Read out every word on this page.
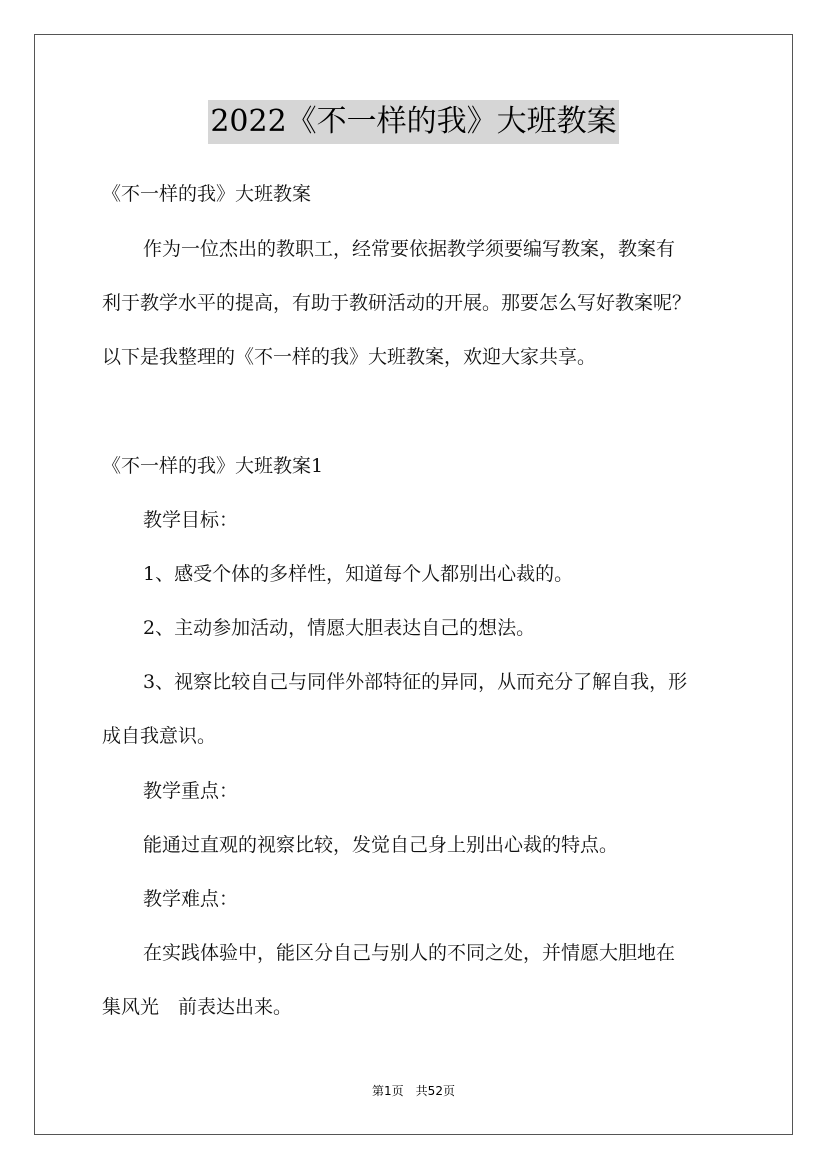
2022《不一样的我》大班教案
《不一样的我》大班教案
作为一位杰出的教职工，经常要依据教学须要编写教案，教案有
利于教学水平的提高，有助于教研活动的开展。那要怎么写好教案呢？
以下是我整理的《不一样的我》大班教案，欢迎大家共享。
《不一样的我》大班教案1
教学目标：
1、感受个体的多样性，知道每个人都别出心裁的。
2、主动参加活动，情愿大胆表达自己的想法。
3、视察比较自己与同伴外部特征的异同，从而充分了解自我，形
成自我意识。
教学重点：
能通过直观的视察比较，发觉自己身上别出心裁的特点。
教学难点：
在实践体验中，能区分自己与别人的不同之处，并情愿大胆地在
集风光　前表达出来。
第1页　共52页
